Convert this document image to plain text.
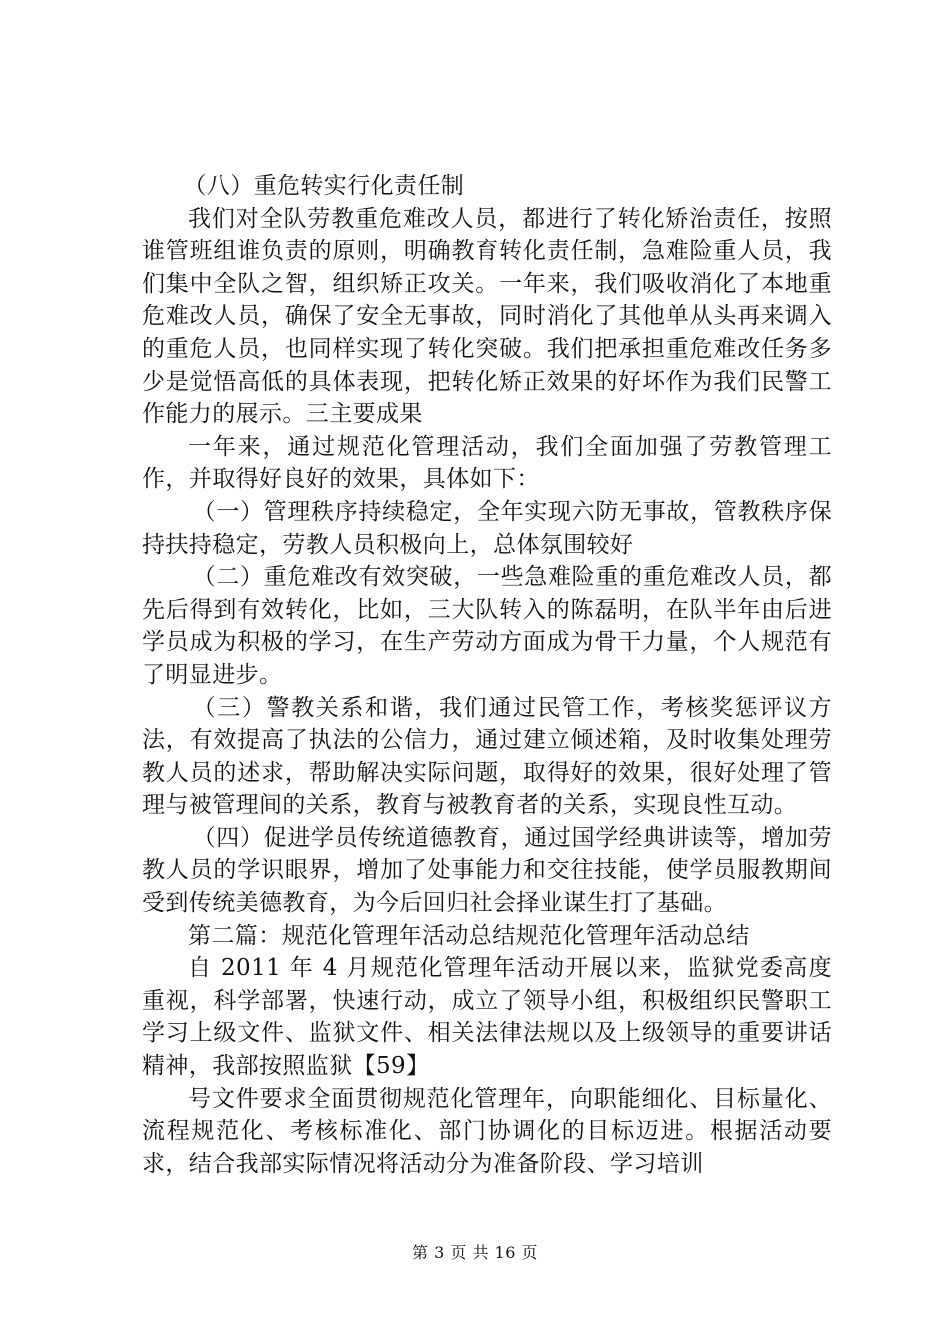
（八）重危转实行化责任制

我们对全队劳教重危难改人员，都进行了转化矫治责任，按照谁管班组谁负责的原则，明确教育转化责任制，急难险重人员，我们集中全队之智，组织矫正攻关。一年来，我们吸收消化了本地重危难改人员，确保了安全无事故，同时消化了其他单从头再来调入的重危人员，也同样实现了转化突破。我们把承担重危难改任务多少是觉悟高低的具体表现，把转化矫正效果的好坏作为我们民警工作能力的展示。三主要成果

一年来，通过规范化管理活动，我们全面加强了劳教管理工作，并取得好良好的效果，具体如下：

（一）管理秩序持续稳定，全年实现六防无事故，管教秩序保持扶持稳定，劳教人员积极向上，总体氛围较好

（二）重危难改有效突破，一些急难险重的重危难改人员，都先后得到有效转化，比如，三大队转入的陈磊明，在队半年由后进学员成为积极的学习，在生产劳动方面成为骨干力量，个人规范有了明显进步。

（三）警教关系和谐，我们通过民管工作，考核奖惩评议方法，有效提高了执法的公信力，通过建立倾述箱，及时收集处理劳教人员的述求，帮助解决实际问题，取得好的效果，很好处理了管理与被管理间的关系，教育与被教育者的关系，实现良性互动。

（四）促进学员传统道德教育，通过国学经典讲读等，增加劳教人员的学识眼界，增加了处事能力和交往技能，使学员服教期间受到传统美德教育，为今后回归社会择业谋生打了基础。

第二篇：规范化管理年活动总结规范化管理年活动总结

自 2011 年 4 月规范化管理年活动开展以来，监狱党委高度重视，科学部署，快速行动，成立了领导小组，积极组织民警职工学习上级文件、监狱文件、相关法律法规以及上级领导的重要讲话精神，我部按照监狱【59】

号文件要求全面贯彻规范化管理年，向职能细化、目标量化、流程规范化、考核标准化、部门协调化的目标迈进。根据活动要求，结合我部实际情况将活动分为准备阶段、学习培训

第 3 页 共 16 页
